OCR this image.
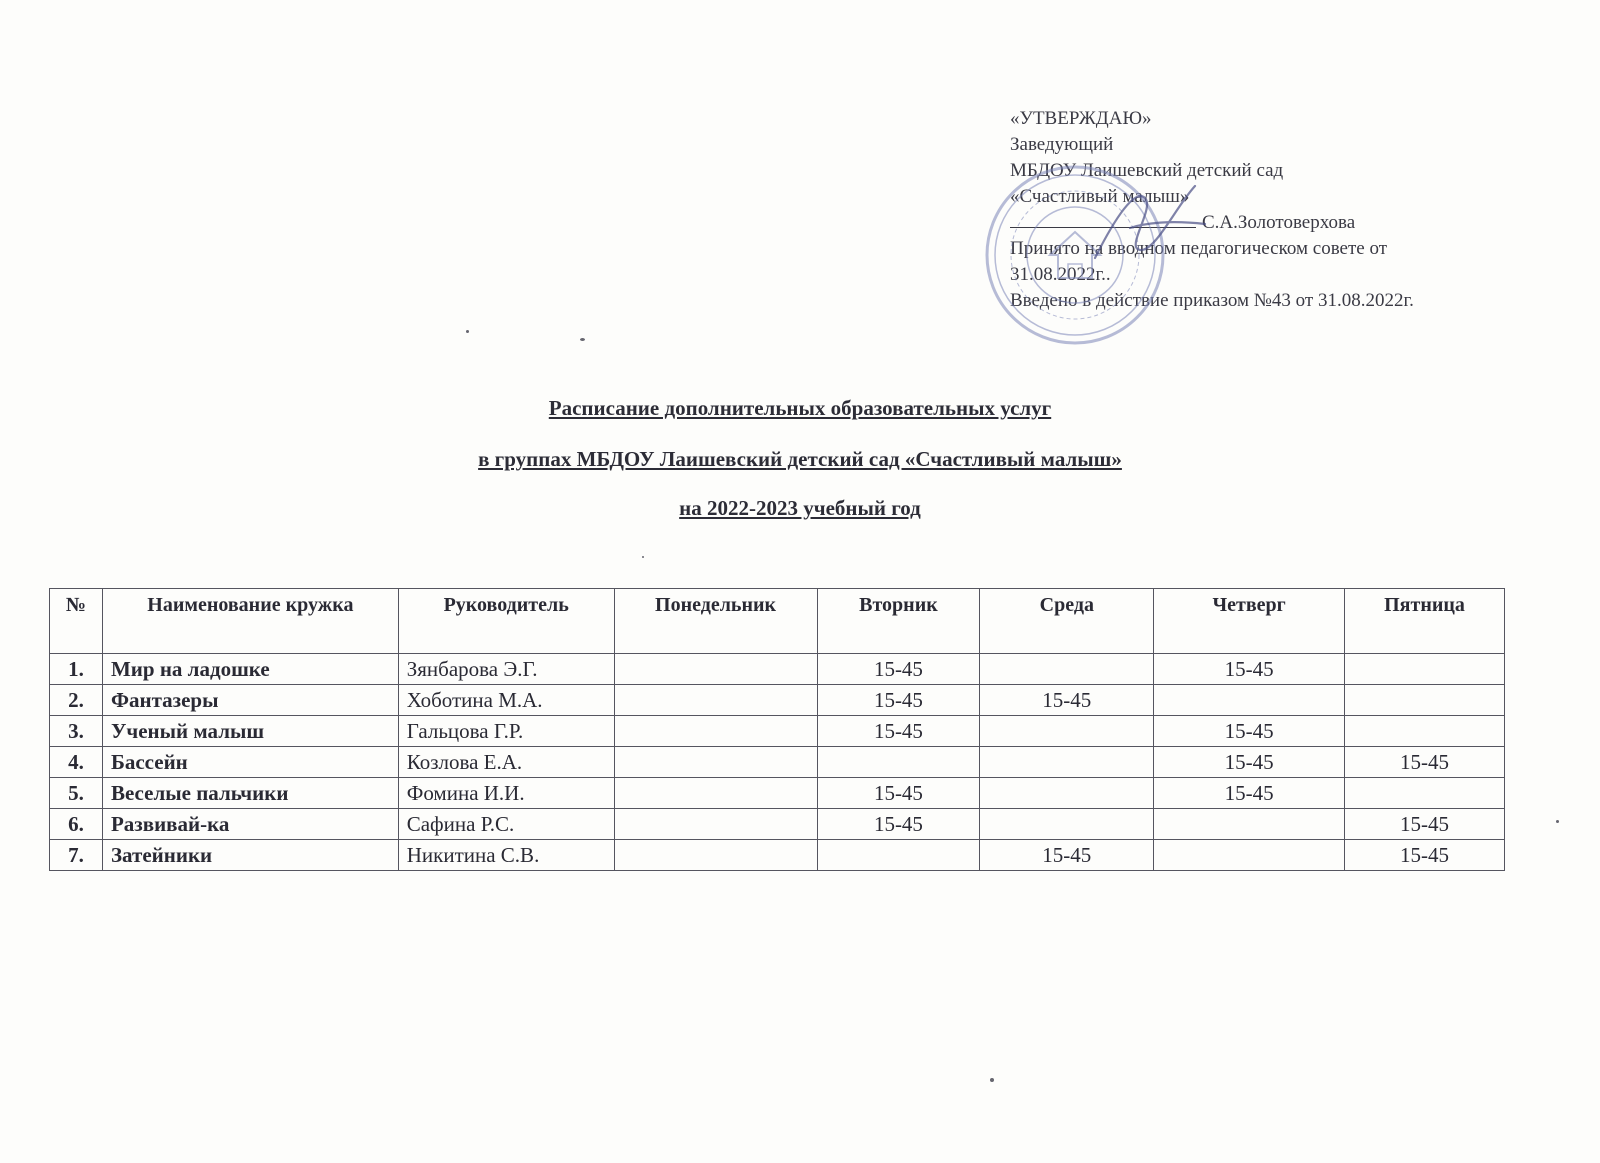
«УТВЕРЖДАЮ»
Заведующий
МБДОУ Лаишевский детский сад
«Счастливый малыш»
С.А.Золотоверхова
Принято на вводном педагогическом совете от
31.08.2022г..
Введено в действие приказом №43 от 31.08.2022г.
Расписание дополнительных образовательных услуг
в группах МБДОУ Лаишевский детский сад «Счастливый малыш»
на 2022-2023 учебный год
№	Наименование кружка	Руководитель	Понедельник	Вторник	Среда	Четверг	Пятница
1.	Мир на ладошке	Зянбарова Э.Г.		15-45		15-45	
2.	Фантазеры	Хоботина М.А.		15-45	15-45		
3.	Ученый малыш	Гальцова Г.Р.		15-45		15-45	
4.	Бассейн	Козлова Е.А.				15-45	15-45
5.	Веселые пальчики	Фомина И.И.		15-45		15-45	
6.	Развивай-ка	Сафина Р.С.		15-45			15-45
7.	Затейники	Никитина С.В.			15-45		15-45
